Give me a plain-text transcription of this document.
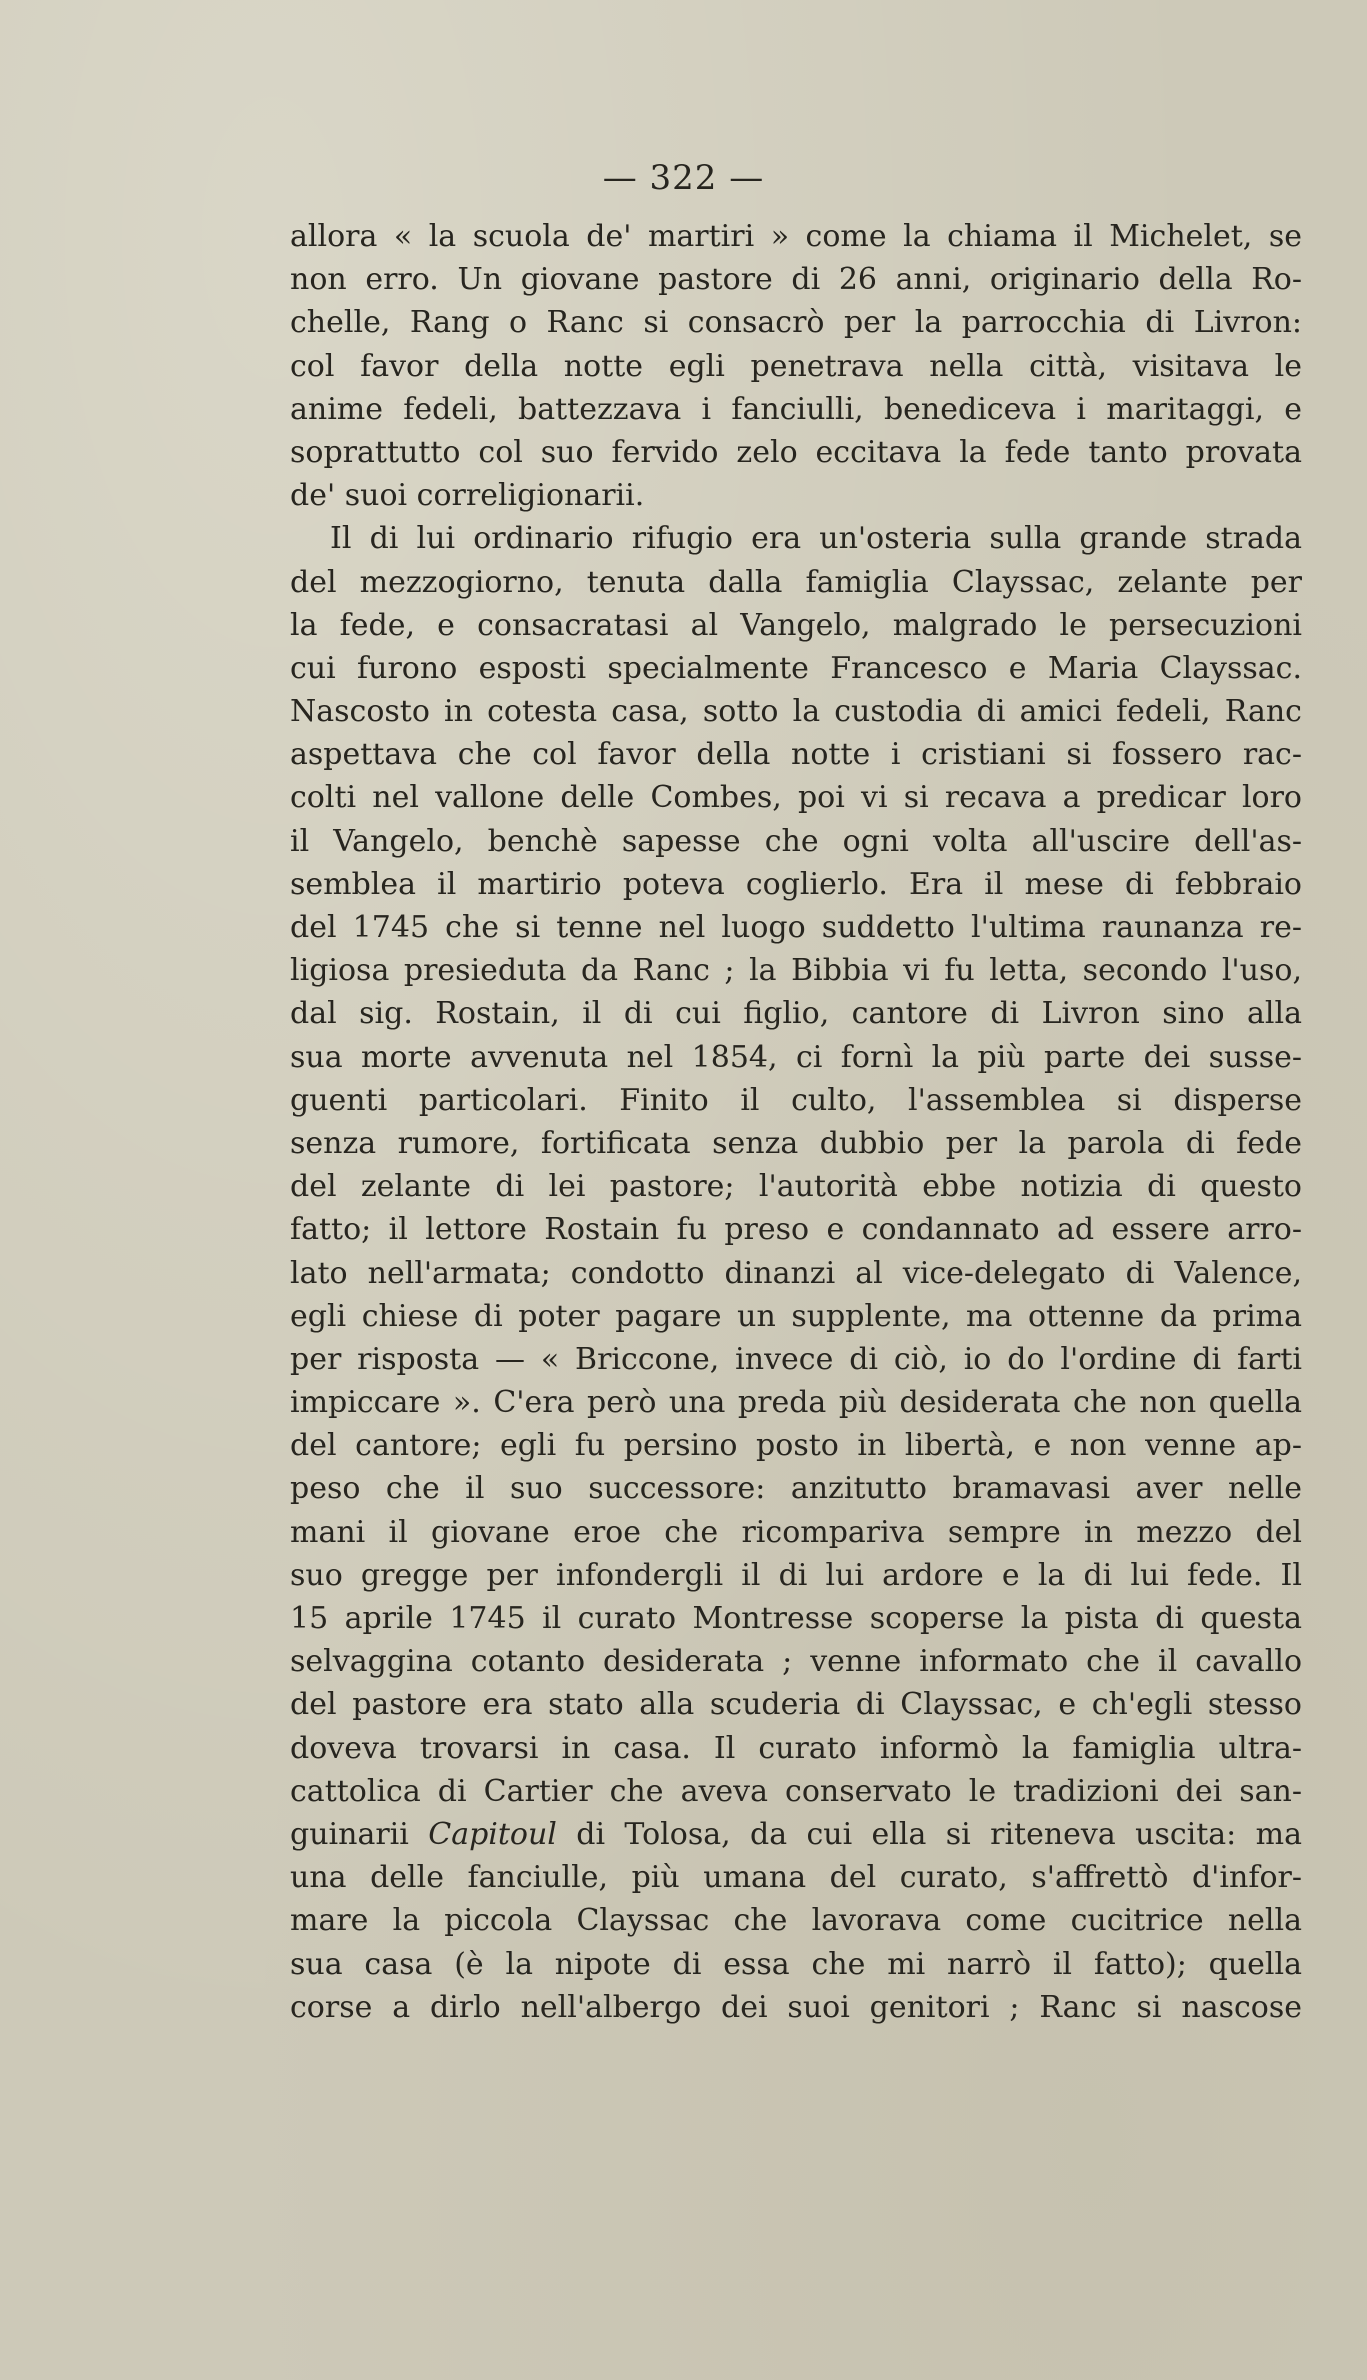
— 322 —
allora « la scuola de' martiri » come la chiama il Michelet, se
non erro. Un giovane pastore di 26 anni, originario della Ro-
chelle, Rang o Ranc si consacrò per la parrocchia di Livron:
col favor della notte egli penetrava nella città, visitava le
anime fedeli, battezzava i fanciulli, benediceva i maritaggi, e
soprattutto col suo fervido zelo eccitava la fede tanto provata
de' suoi correligionarii.
Il di lui ordinario rifugio era un'osteria sulla grande strada
del mezzogiorno, tenuta dalla famiglia Clayssac, zelante per
la fede, e consacratasi al Vangelo, malgrado le persecuzioni
cui furono esposti specialmente Francesco e Maria Clayssac.
Nascosto in cotesta casa, sotto la custodia di amici fedeli, Ranc
aspettava che col favor della notte i cristiani si fossero rac-
colti nel vallone delle Combes, poi vi si recava a predicar loro
il Vangelo, benchè sapesse che ogni volta all'uscire dell'as-
semblea il martirio poteva coglierlo. Era il mese di febbraio
del 1745 che si tenne nel luogo suddetto l'ultima raunanza re-
ligiosa presieduta da Ranc ; la Bibbia vi fu letta, secondo l'uso,
dal sig. Rostain, il di cui figlio, cantore di Livron sino alla
sua morte avvenuta nel 1854, ci fornì la più parte dei susse-
guenti particolari. Finito il culto, l'assemblea si disperse
senza rumore, fortificata senza dubbio per la parola di fede
del zelante di lei pastore; l'autorità ebbe notizia di questo
fatto; il lettore Rostain fu preso e condannato ad essere arro-
lato nell'armata; condotto dinanzi al vice-delegato di Valence,
egli chiese di poter pagare un supplente, ma ottenne da prima
per risposta — « Briccone, invece di ciò, io do l'ordine di farti
impiccare ». C'era però una preda più desiderata che non quella
del cantore; egli fu persino posto in libertà, e non venne ap-
peso che il suo successore: anzitutto bramavasi aver nelle
mani il giovane eroe che ricompariva sempre in mezzo del
suo gregge per infondergli il di lui ardore e la di lui fede. Il
15 aprile 1745 il curato Montresse scoperse la pista di questa
selvaggina cotanto desiderata ; venne informato che il cavallo
del pastore era stato alla scuderia di Clayssac, e ch'egli stesso
doveva trovarsi in casa. Il curato informò la famiglia ultra-
cattolica di Cartier che aveva conservato le tradizioni dei san-
guinarii Capitoul di Tolosa, da cui ella si riteneva uscita: ma
una delle fanciulle, più umana del curato, s'affrettò d'infor-
mare la piccola Clayssac che lavorava come cucitrice nella
sua casa (è la nipote di essa che mi narrò il fatto); quella
corse a dirlo nell'albergo dei suoi genitori ; Ranc si nascose
